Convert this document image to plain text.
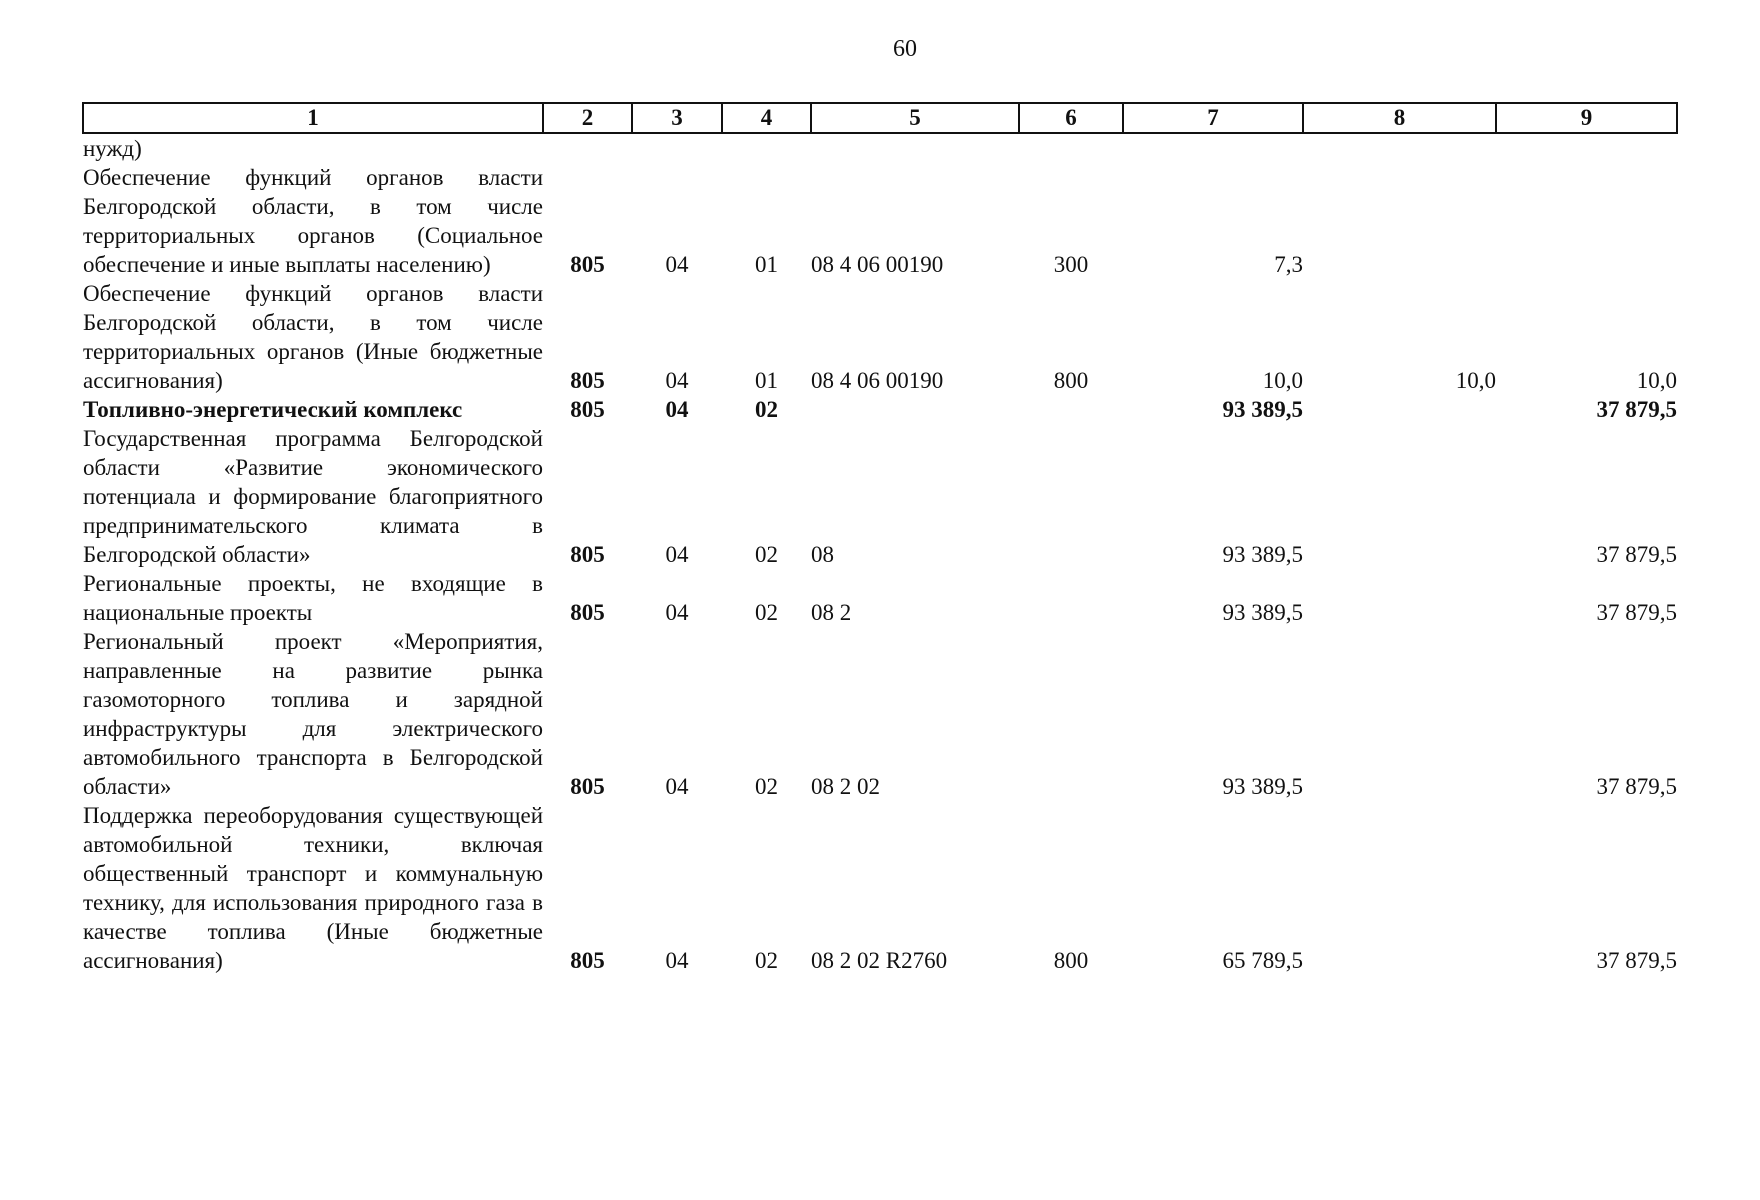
60
1	2	3	4	5	6	7	8	9
нужд)								
Обеспечение функций органов власти Белгородской области, в том числе территориальных органов (Социальное обеспечение и иные выплаты населению)	805	04	01	08 4 06 00190	300	7,3		
Обеспечение функций органов власти Белгородской области, в том числе территориальных органов (Иные бюджетные ассигнования)	805	04	01	08 4 06 00190	800	10,0	10,0	10,0
Топливно-энергетический комплекс	805	04	02			93 389,5		37 879,5
Государственная программа Белгородской области «Развитие экономического потенциала и формирование благоприятного предпринимательского климата в Белгородской области»	805	04	02	08		93 389,5		37 879,5
Региональные проекты, не входящие в национальные проекты	805	04	02	08 2		93 389,5		37 879,5
Региональный проект «Мероприятия, направленные на развитие рынка газомоторного топлива и зарядной инфраструктуры для электрического автомобильного транспорта в Белгородской области»	805	04	02	08 2 02		93 389,5		37 879,5
Поддержка переоборудования существующей автомобильной техники, включая общественный транспорт и коммунальную технику, для использования природного газа в качестве топлива (Иные бюджетные ассигнования)	805	04	02	08 2 02 R2760	800	65 789,5		37 879,5
